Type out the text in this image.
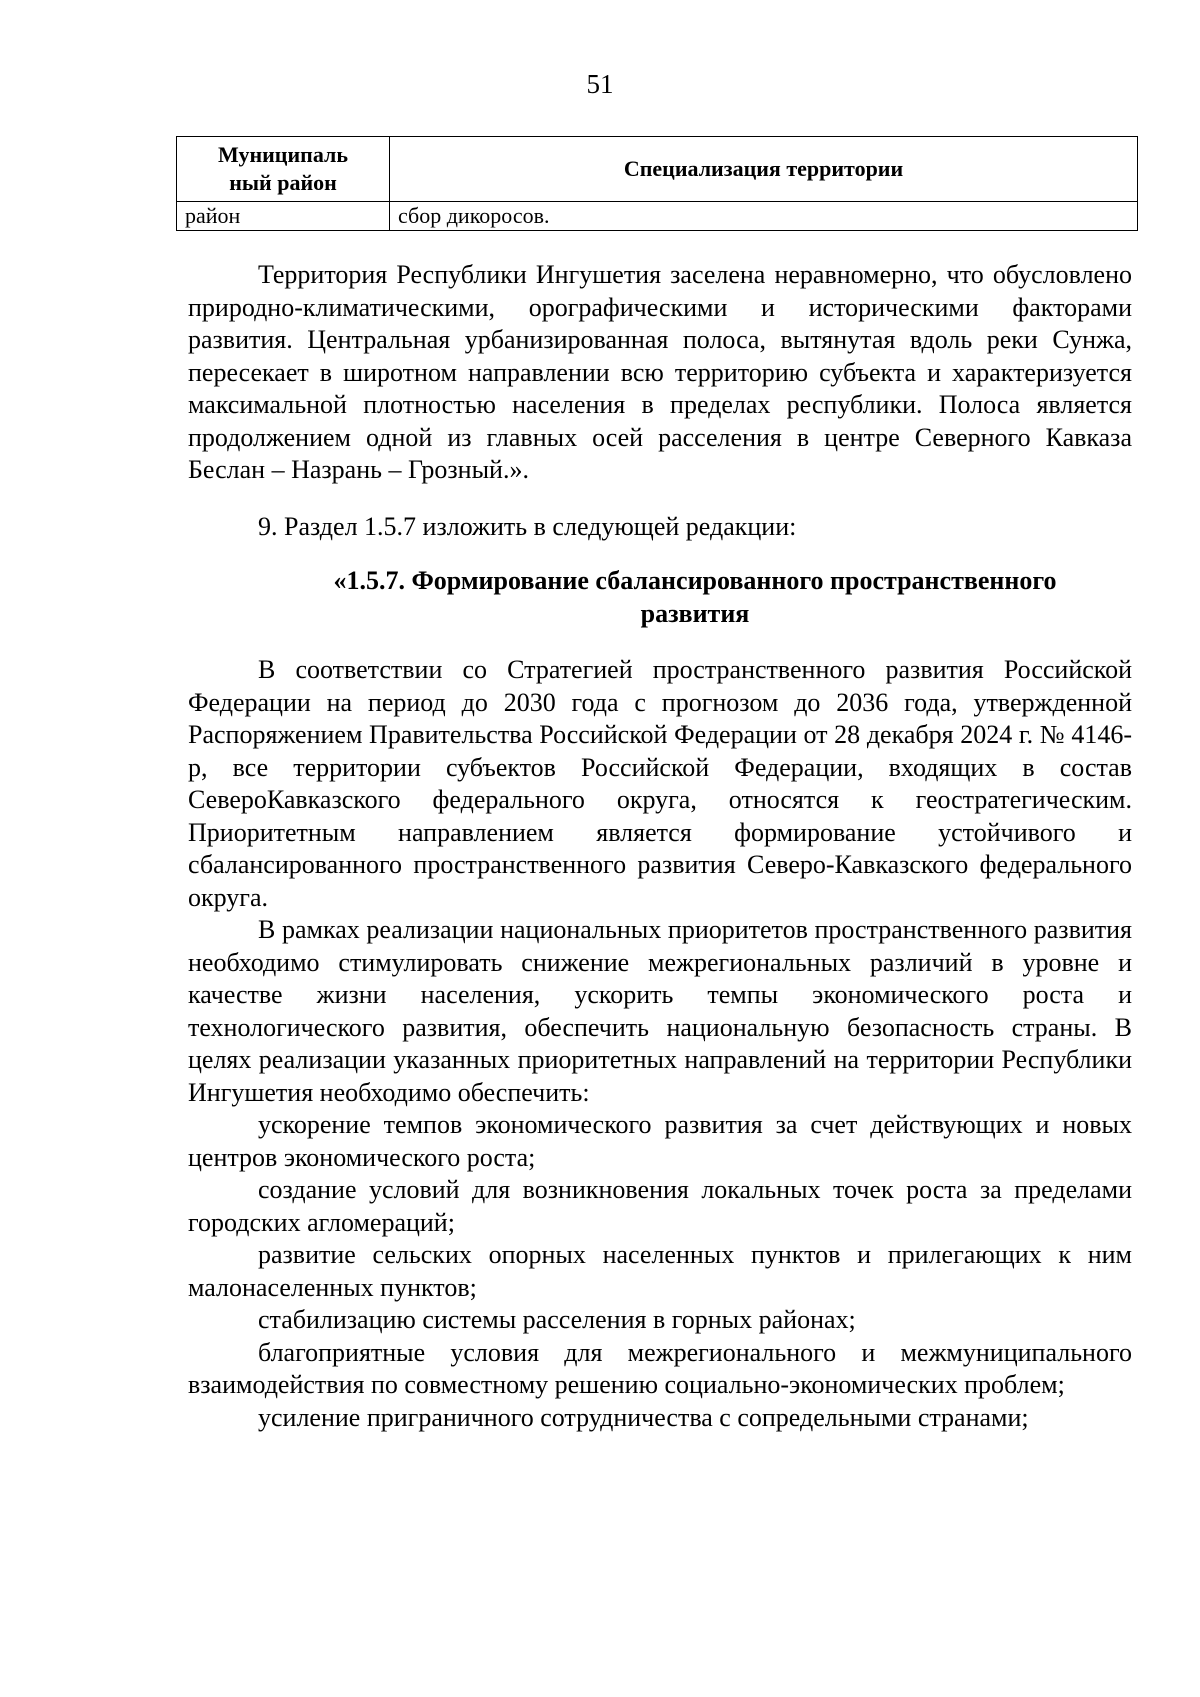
51
Муниципаль
ный район	Специализация территории
район	сбор дикоросов.

Территория Республики Ингушетия заселена неравномерно, что обусловлено природно-климатическими, орографическими и историческими факторами развития. Центральная урбанизированная полоса, вытянутая вдоль реки Сунжа, пересекает в широтном направлении всю территорию субъекта и характеризуется максимальной плотностью населения в пределах республики. Полоса является продолжением одной из главных осей расселения в центре Северного Кавказа Беслан – Назрань – Грозный.».

9. Раздел 1.5.7 изложить в следующей редакции:

«1.5.7. Формирование сбалансированного пространственного
развития

В соответствии со Стратегией пространственного развития Российской Федерации на период до 2030 года с прогнозом до 2036 года, утвержденной Распоряжением Правительства Российской Федерации от 28 декабря 2024 г. № 4146-р, все территории субъектов Российской Федерации, входящих в состав СевероКавказского федерального округа, относятся к геостратегическим. Приоритетным направлением является формирование устойчивого и сбалансированного пространственного развития Северо-Кавказского федерального округа.

В рамках реализации национальных приоритетов пространственного развития необходимо стимулировать снижение межрегиональных различий в уровне и качестве жизни населения, ускорить темпы экономического роста и технологического развития, обеспечить национальную безопасность страны. В целях реализации указанных приоритетных направлений на территории Республики Ингушетия необходимо обеспечить:

ускорение темпов экономического развития за счет действующих и новых центров экономического роста;

создание условий для возникновения локальных точек роста за пределами городских агломераций;

развитие сельских опорных населенных пунктов и прилегающих к ним малонаселенных пунктов;

стабилизацию системы расселения в горных районах;

благоприятные условия для межрегионального и межмуниципального взаимодействия по совместному решению социально-экономических проблем;

усиление приграничного сотрудничества с сопредельными странами;
